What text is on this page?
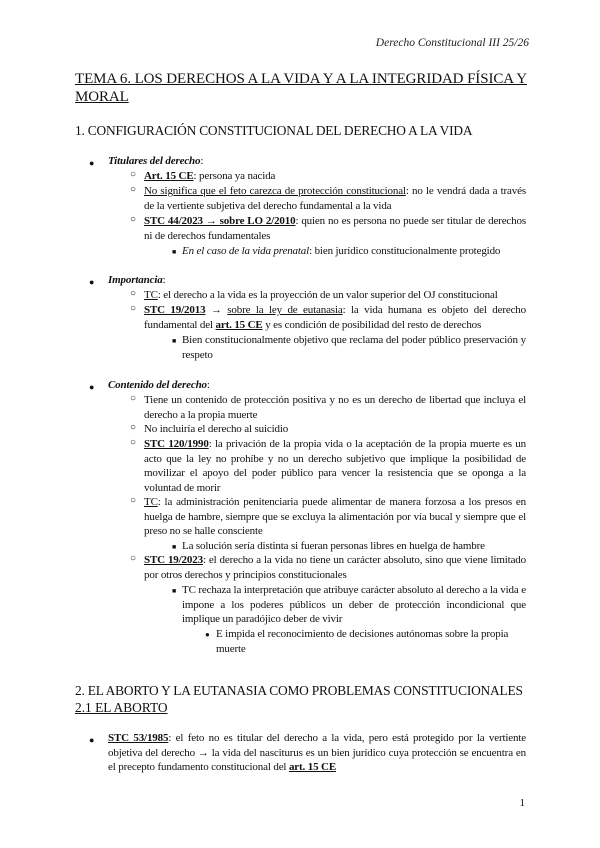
Derecho Constitucional III 25/26
TEMA 6. LOS DERECHOS A LA VIDA Y A LA INTEGRIDAD FÍSICA Y MORAL
1. CONFIGURACIÓN CONSTITUCIONAL DEL DERECHO A LA VIDA
● Titulares del derecho:
○ Art. 15 CE: persona ya nacida
○ No significa que el feto carezca de protección constitucional: no le vendrá dada a través de la vertiente subjetiva del derecho fundamental a la vida
○ STC 44/2023 → sobre LO 2/2010: quien no es persona no puede ser titular de derechos ni de derechos fundamentales
■ En el caso de la vida prenatal: bien jurídico constitucionalmente protegido
● Importancia:
○ TC: el derecho a la vida es la proyección de un valor superior del OJ constitucional
○ STC 19/2013 → sobre la ley de eutanasia: la vida humana es objeto del derecho fundamental del art. 15 CE y es condición de posibilidad del resto de derechos
■ Bien constitucionalmente objetivo que reclama del poder público preservación y respeto
● Contenido del derecho:
○ Tiene un contenido de protección positiva y no es un derecho de libertad que incluya el derecho a la propia muerte
○ No incluiría el derecho al suicidio
○ STC 120/1990: la privación de la propia vida o la aceptación de la propia muerte es un acto que la ley no prohíbe y no un derecho subjetivo que implique la posibilidad de movilizar el apoyo del poder público para vencer la resistencia que se oponga a la voluntad de morir
○ TC: la administración penitenciaria puede alimentar de manera forzosa a los presos en huelga de hambre, siempre que se excluya la alimentación por vía bucal y siempre que el preso no se halle consciente
■ La solución sería distinta si fueran personas libres en huelga de hambre
○ STC 19/2023: el derecho a la vida no tiene un carácter absoluto, sino que viene limitado por otros derechos y principios constitucionales
■ TC rechaza la interpretación que atribuye carácter absoluto al derecho a la vida e impone a los poderes públicos un deber de protección incondicional que implique un paradójico deber de vivir
● E impida el reconocimiento de decisiones autónomas sobre la propia muerte
2. EL ABORTO Y LA EUTANASIA COMO PROBLEMAS CONSTITUCIONALES
2.1 EL ABORTO
● STC 53/1985: el feto no es titular del derecho a la vida, pero está protegido por la vertiente objetiva del derecho → la vida del nasciturus es un bien jurídico cuya protección se encuentra en el precepto fundamento constitucional del art. 15 CE
1
